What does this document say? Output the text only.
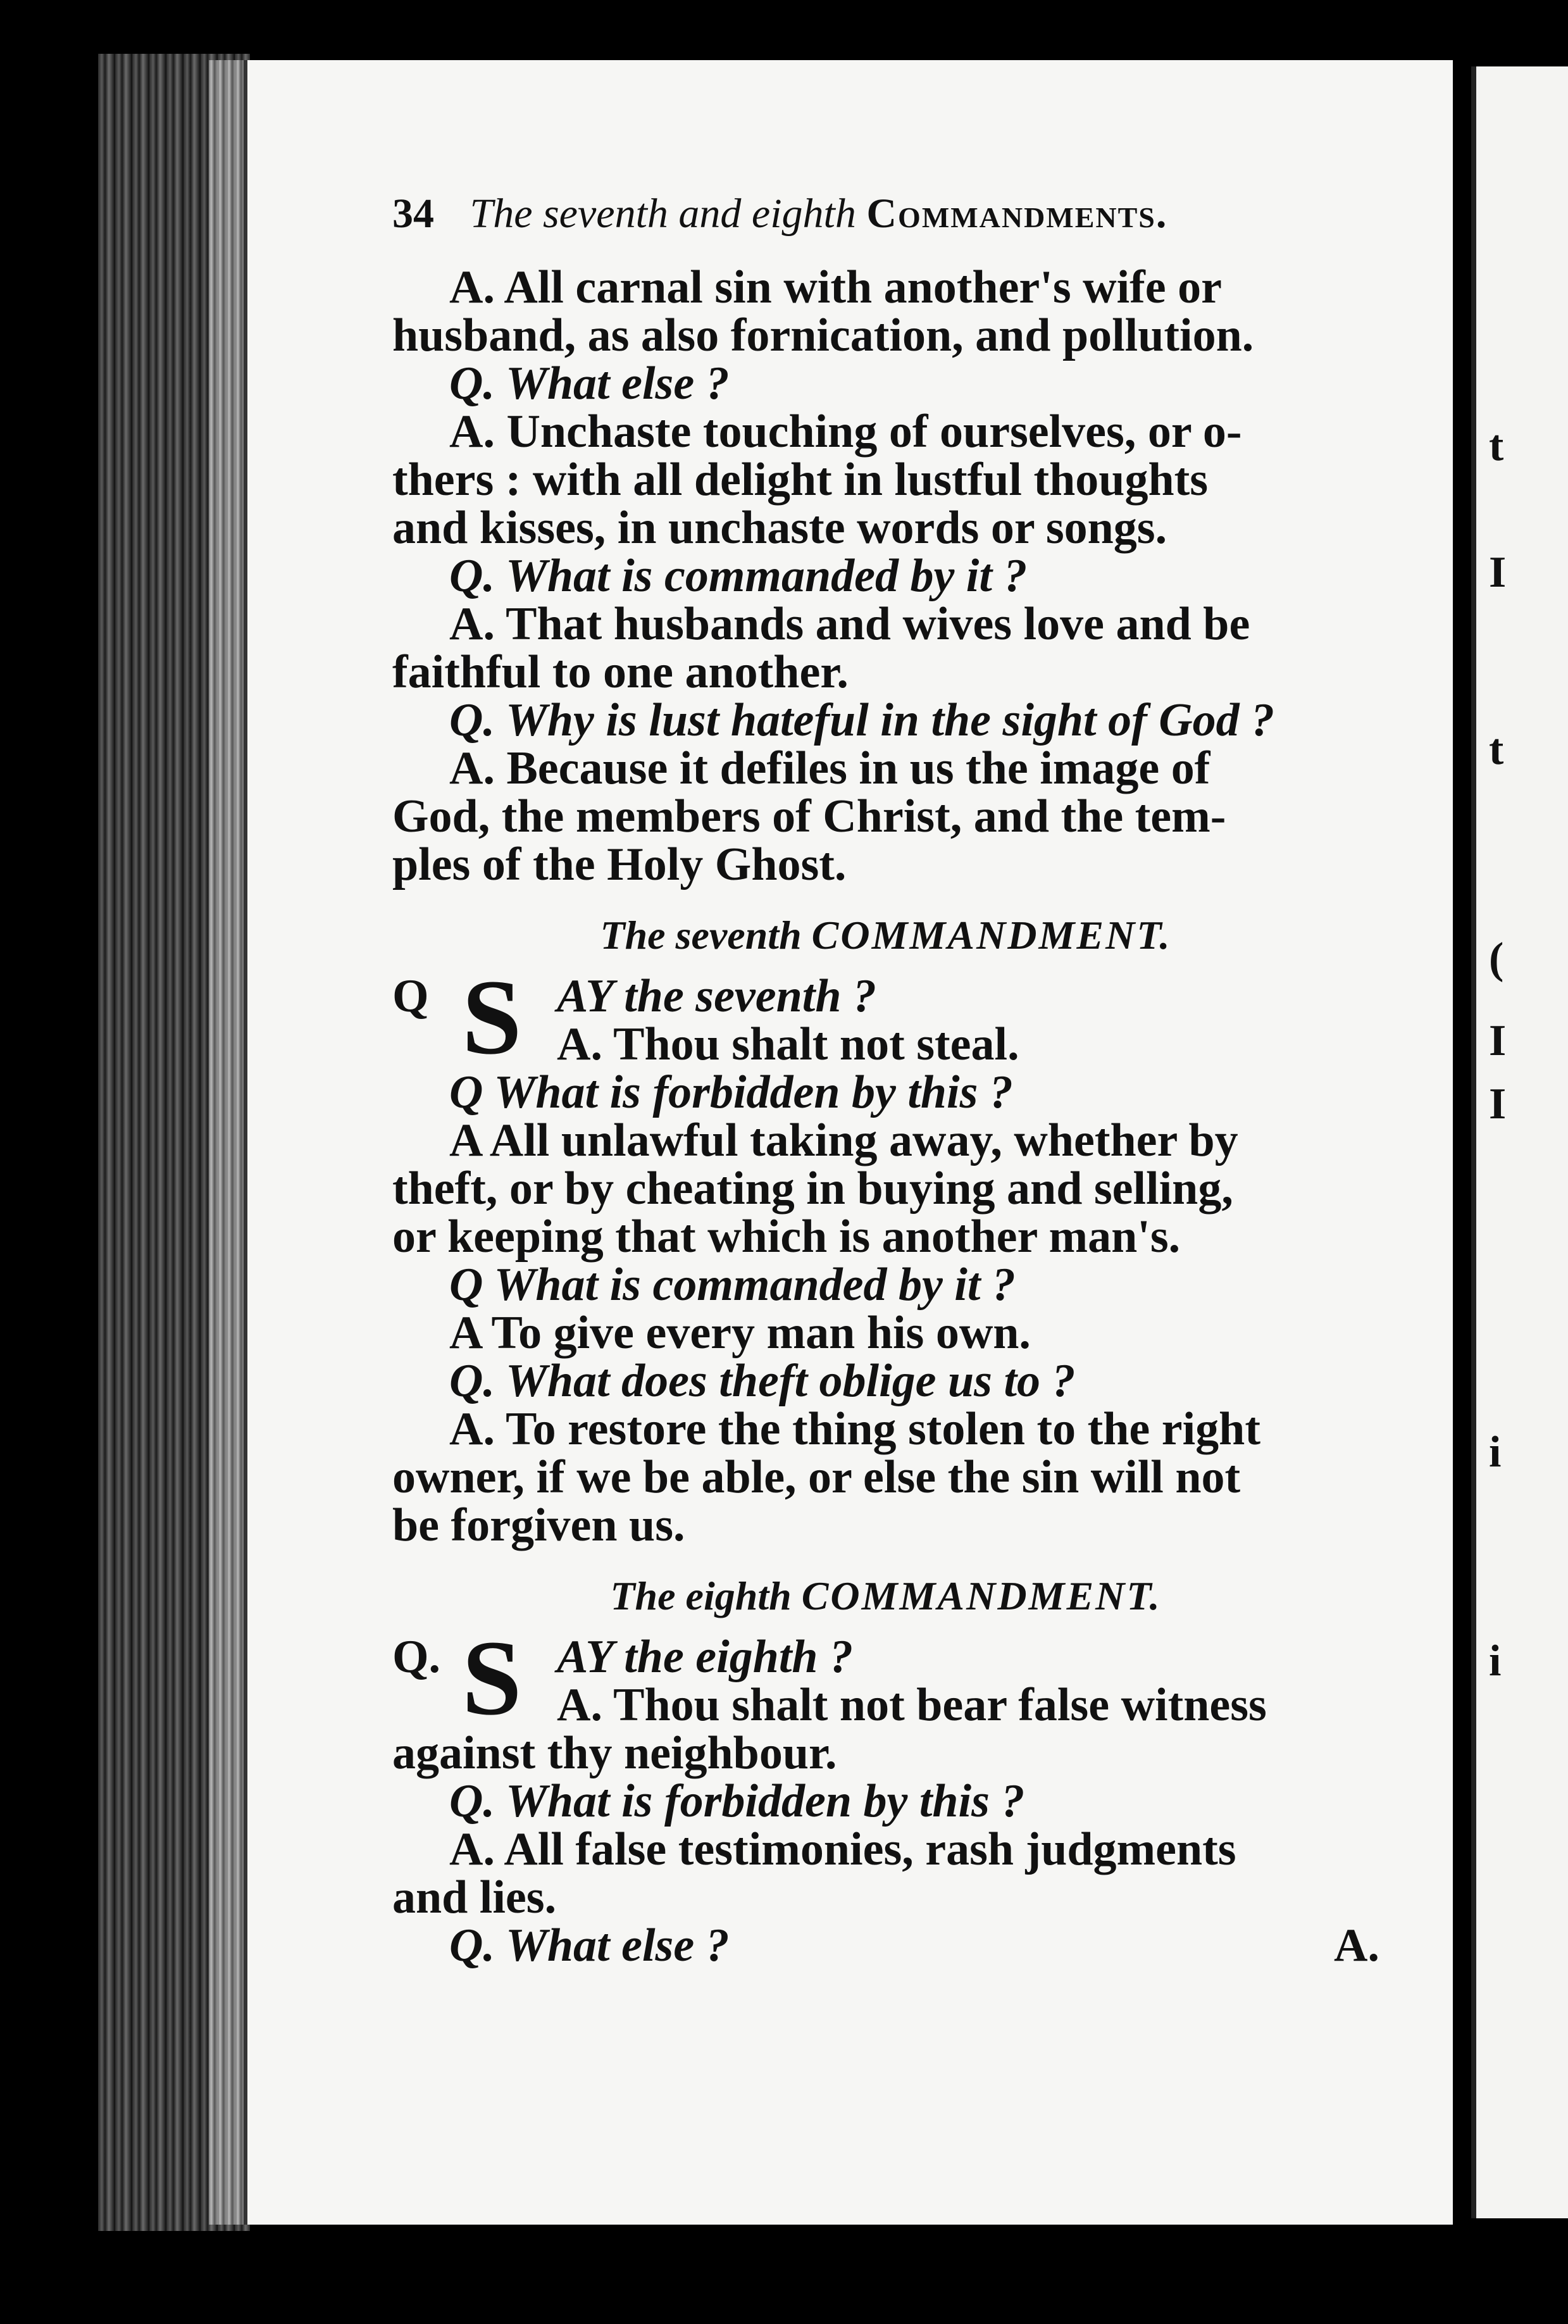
t
I
t
(
I
I
i
i
34 The seventh and eighth Commandments.
A. All carnal sin with another's wife or
husband, as also fornication, and pollution.
Q. What else ?
A. Unchaste touching of ourselves, or o-
thers : with all delight in lustful thoughts
and kisses, in unchaste words or songs.
Q. What is commanded by it ?
A. That husbands and wives love and be
faithful to one another.
Q. Why is lust hateful in the sight of God ?
A. Because it defiles in us the image of
God, the members of Christ, and the tem-
ples of the Holy Ghost.
The seventh COMMANDMENT.
Q S AY the seventh ?
A. Thou shalt not steal.
Q What is forbidden by this ?
A All unlawful taking away, whether by
theft, or by cheating in buying and selling,
or keeping that which is another man's.
Q What is commanded by it ?
A To give every man his own.
Q. What does theft oblige us to ?
A. To restore the thing stolen to the right
owner, if we be able, or else the sin will not
be forgiven us.
The eighth COMMANDMENT.
Q. S AY the eighth ?
A. Thou shalt not bear false witness
against thy neighbour.
Q. What is forbidden by this ?
A. All false testimonies, rash judgments
and lies.
Q. What else ?	A.
